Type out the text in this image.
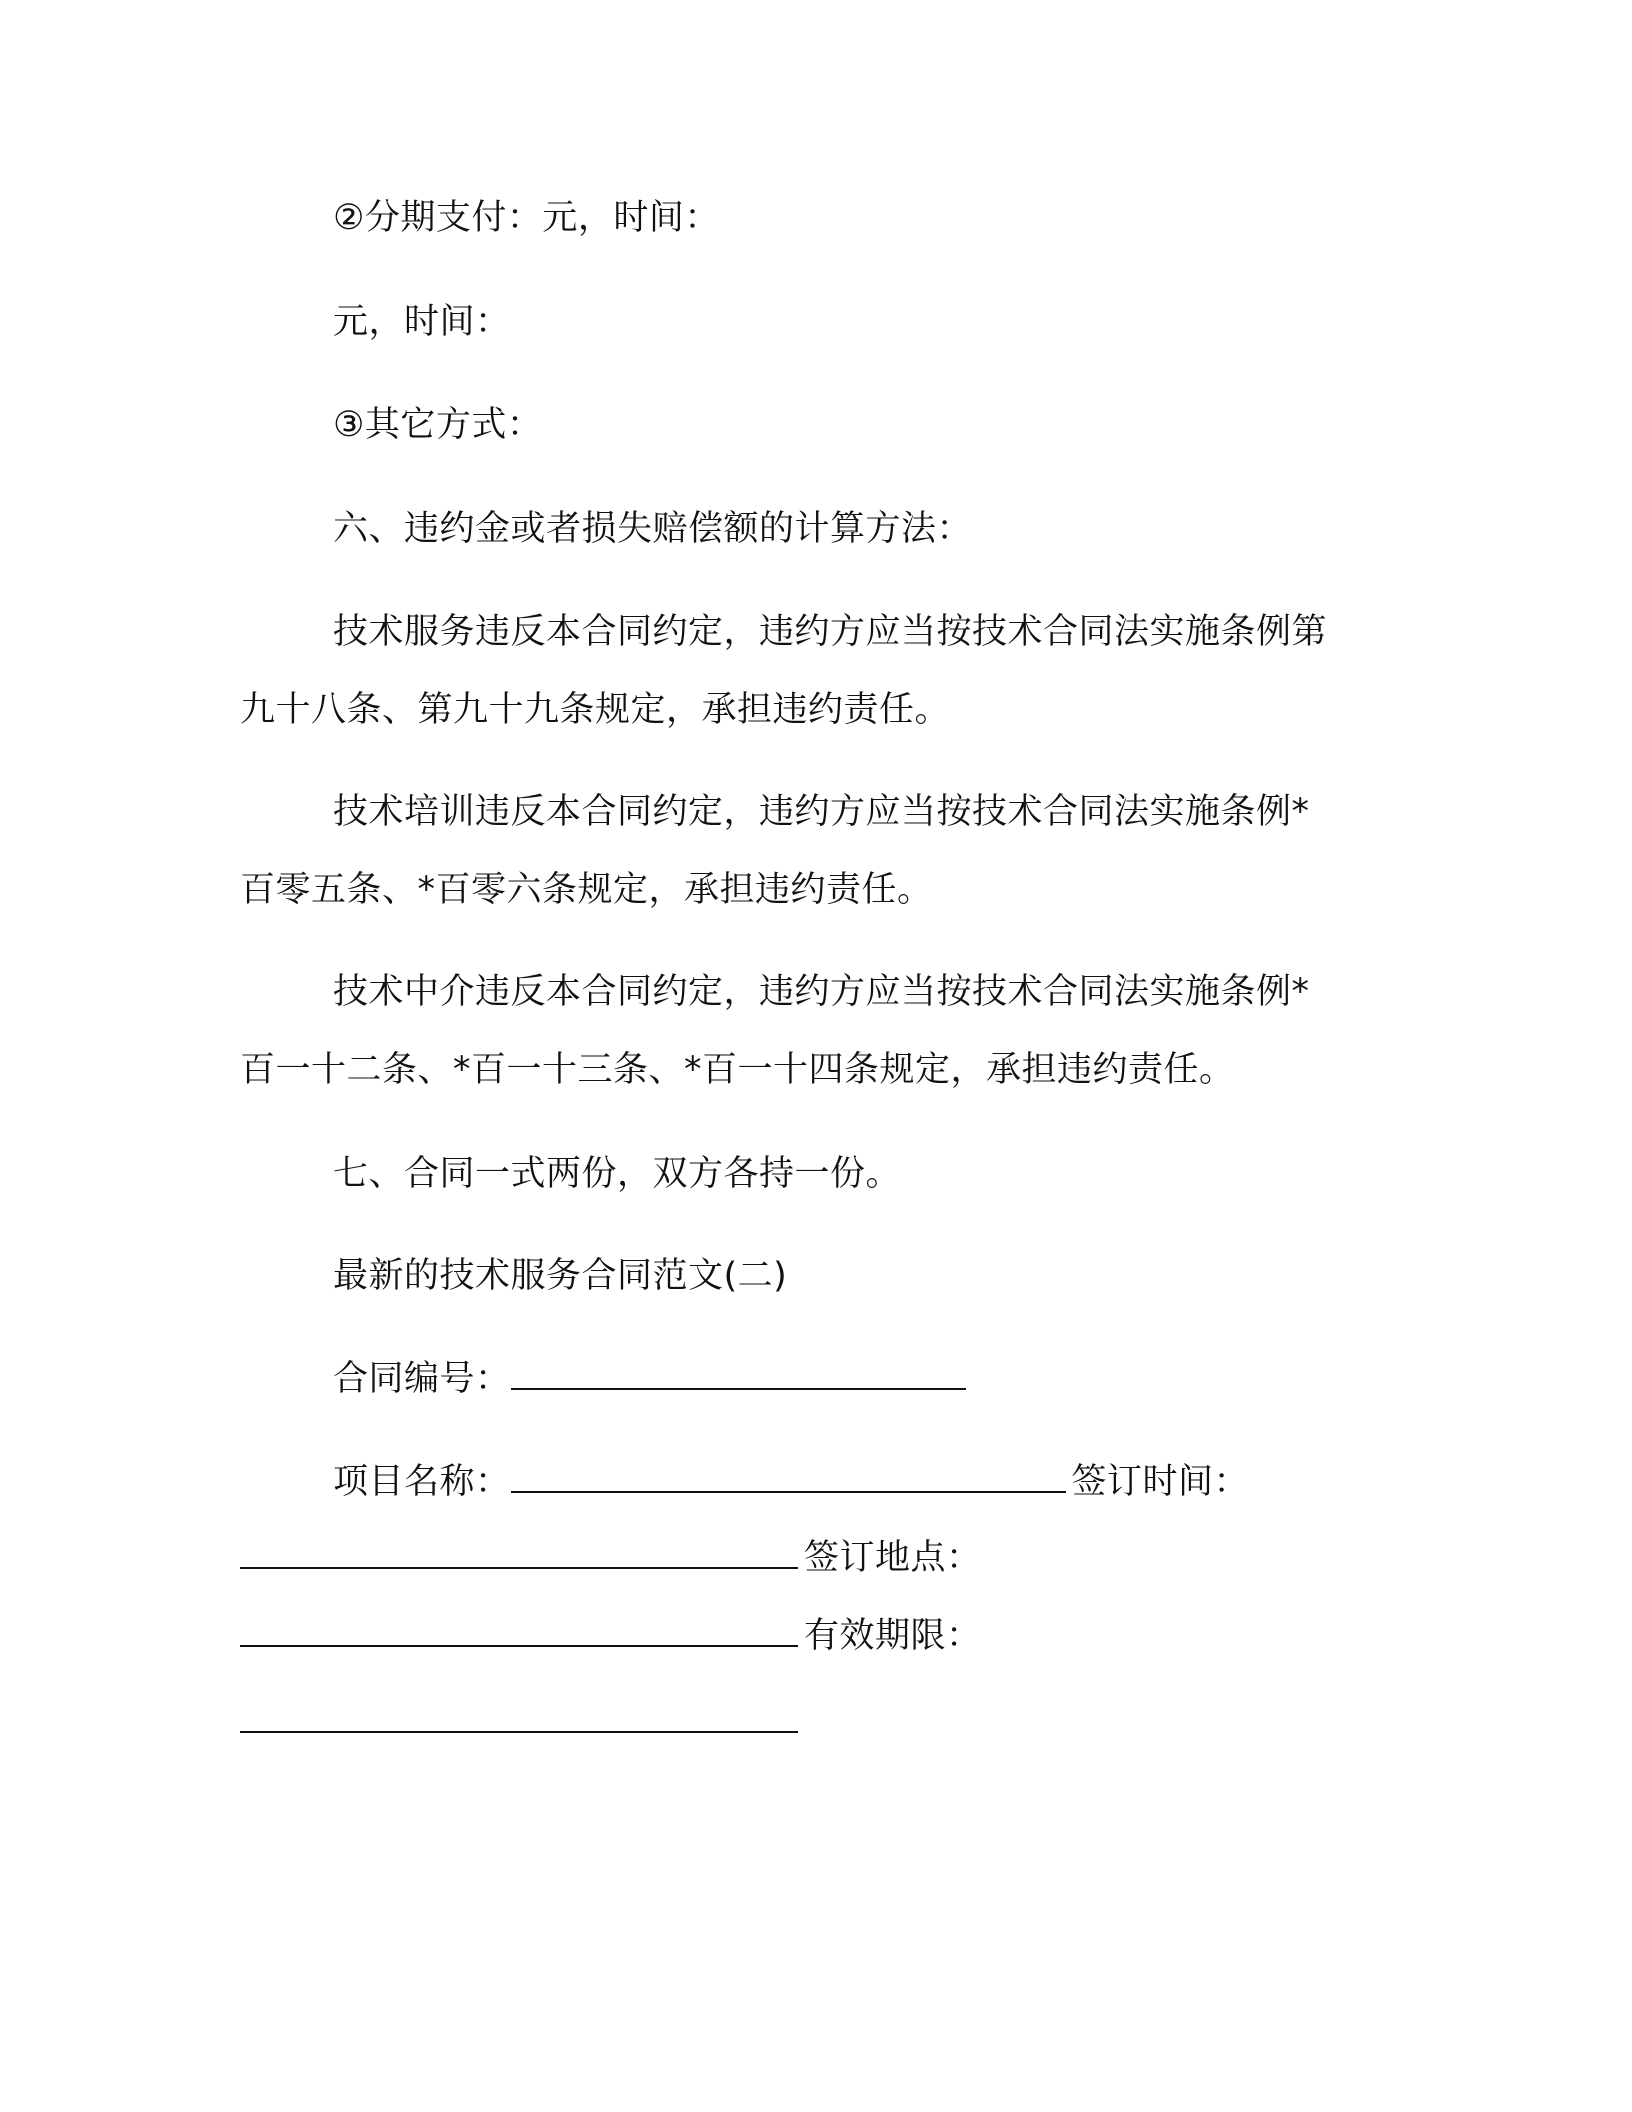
②分期支付：元，时间：
元，时间：
③其它方式：
六、违约金或者损失赔偿额的计算方法：
技术服务违反本合同约定，违约方应当按技术合同法实施条例第
九十八条、第九十九条规定，承担违约责任。
技术培训违反本合同约定，违约方应当按技术合同法实施条例*
百零五条、*百零六条规定，承担违约责任。
技术中介违反本合同约定，违约方应当按技术合同法实施条例*
百一十二条、*百一十三条、*百一十四条规定，承担违约责任。
七、合同一式两份，双方各持一份。
最新的技术服务合同范文(二)
合同编号：
项目名称：	签订时间：
签订地点：
有效期限：
